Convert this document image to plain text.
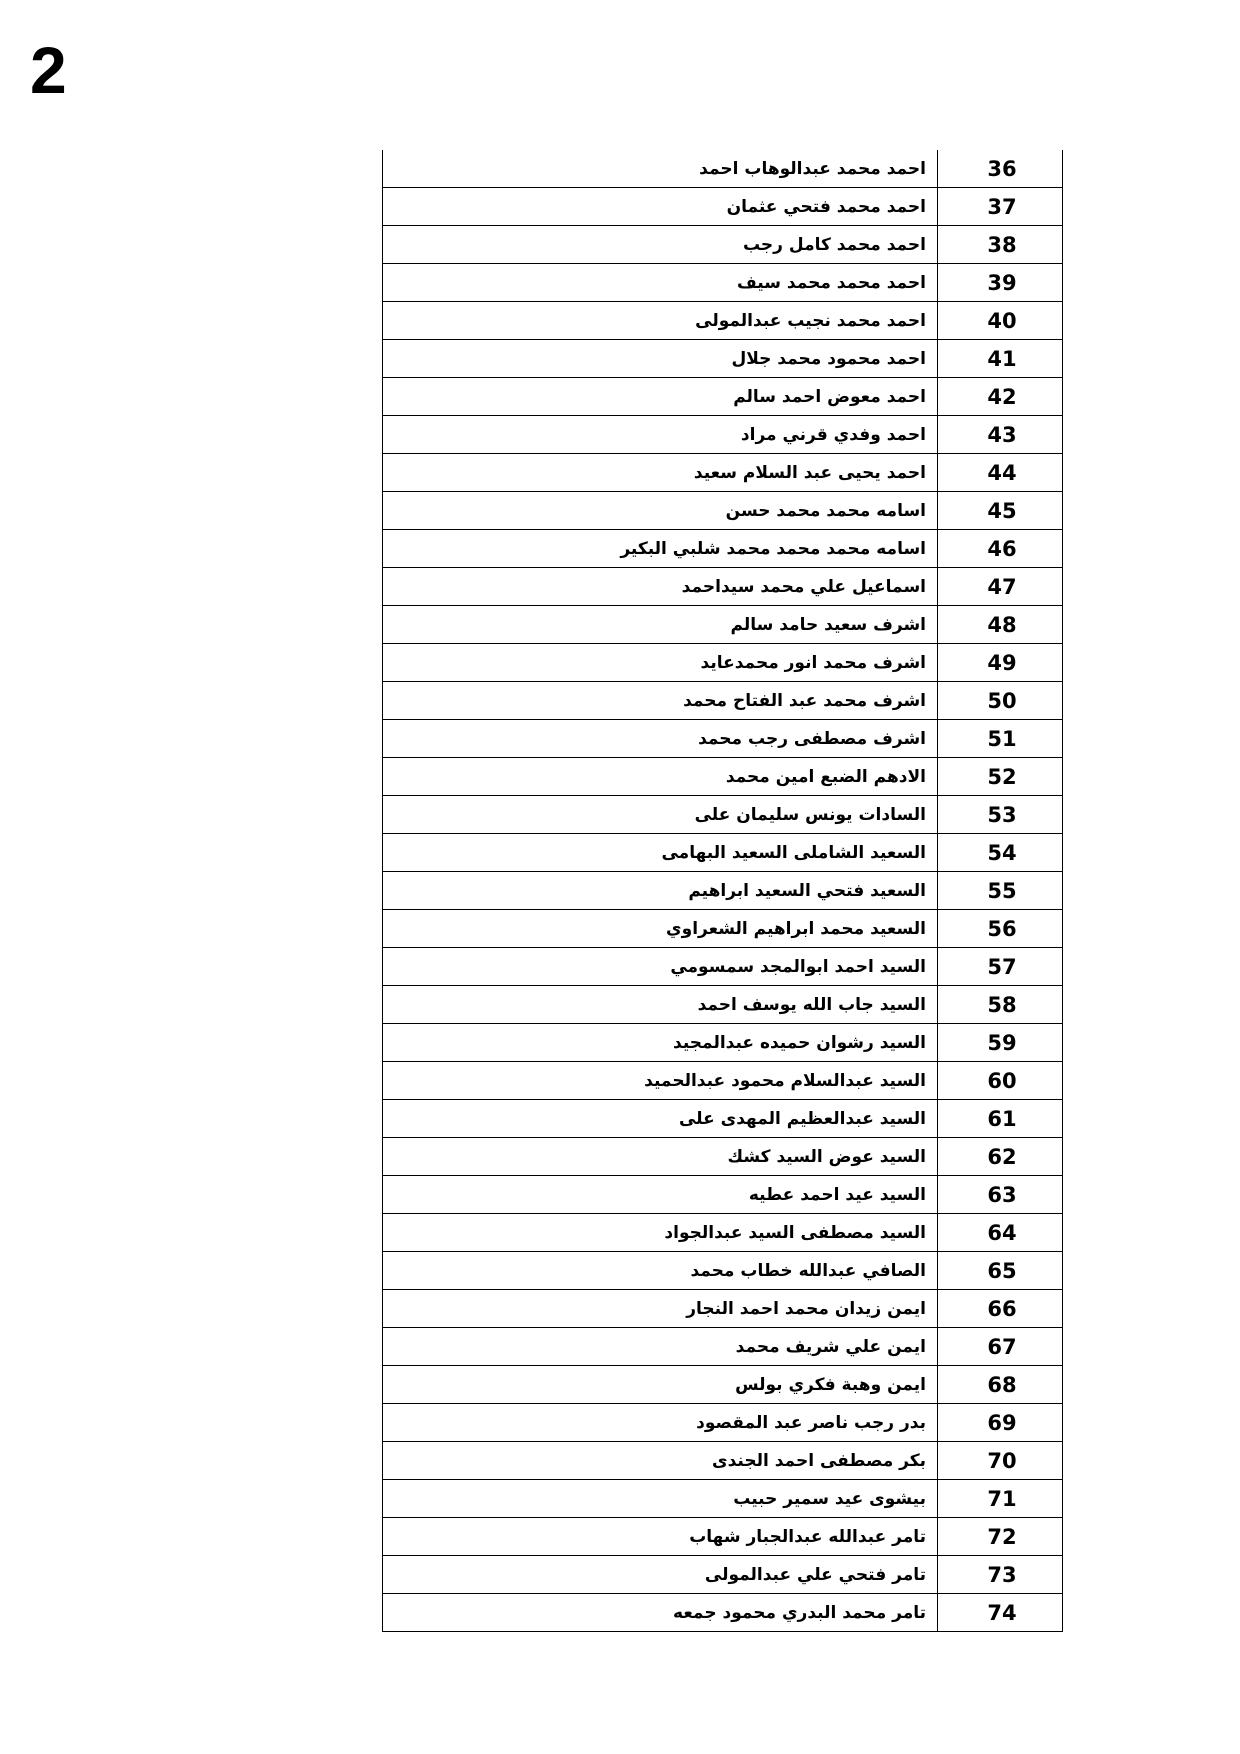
2
36	احمد محمد عبدالوهاب احمد
37	احمد محمد فتحي عثمان
38	احمد محمد كامل رجب
39	احمد محمد محمد سيف
40	احمد محمد نجيب عبدالمولى
41	احمد محمود محمد جلال
42	احمد معوض احمد سالم
43	احمد وفدي قرني مراد
44	احمد يحيى عبد السلام سعيد
45	اسامه محمد محمد حسن
46	اسامه محمد محمد محمد شلبي البكير
47	اسماعيل علي محمد سيداحمد
48	اشرف سعيد حامد سالم
49	اشرف محمد انور محمدعايد
50	اشرف محمد عبد الفتاح محمد
51	اشرف مصطفى رجب محمد
52	الادهم الضبع امين محمد
53	السادات يونس سليمان على
54	السعيد الشاملى السعيد البهامى
55	السعيد فتحي السعيد ابراهيم
56	السعيد محمد ابراهيم الشعراوي
57	السيد احمد ابوالمجد سمسومي
58	السيد جاب الله يوسف احمد
59	السيد رشوان حميده عبدالمجيد
60	السيد عبدالسلام محمود عبدالحميد
61	السيد عبدالعظيم المهدى على
62	السيد عوض السيد كشك
63	السيد عيد احمد عطيه
64	السيد مصطفى السيد عبدالجواد
65	الصافي عبدالله خطاب محمد
66	ايمن زيدان محمد احمد النجار
67	ايمن علي شريف محمد
68	ايمن وهبة فكري بولس
69	بدر رجب ناصر عبد المقصود
70	بكر مصطفى احمد الجندى
71	بيشوى عيد سمير حبيب
72	تامر عبدالله عبدالجبار شهاب
73	تامر فتحي علي عبدالمولى
74	تامر محمد البدري محمود جمعه
